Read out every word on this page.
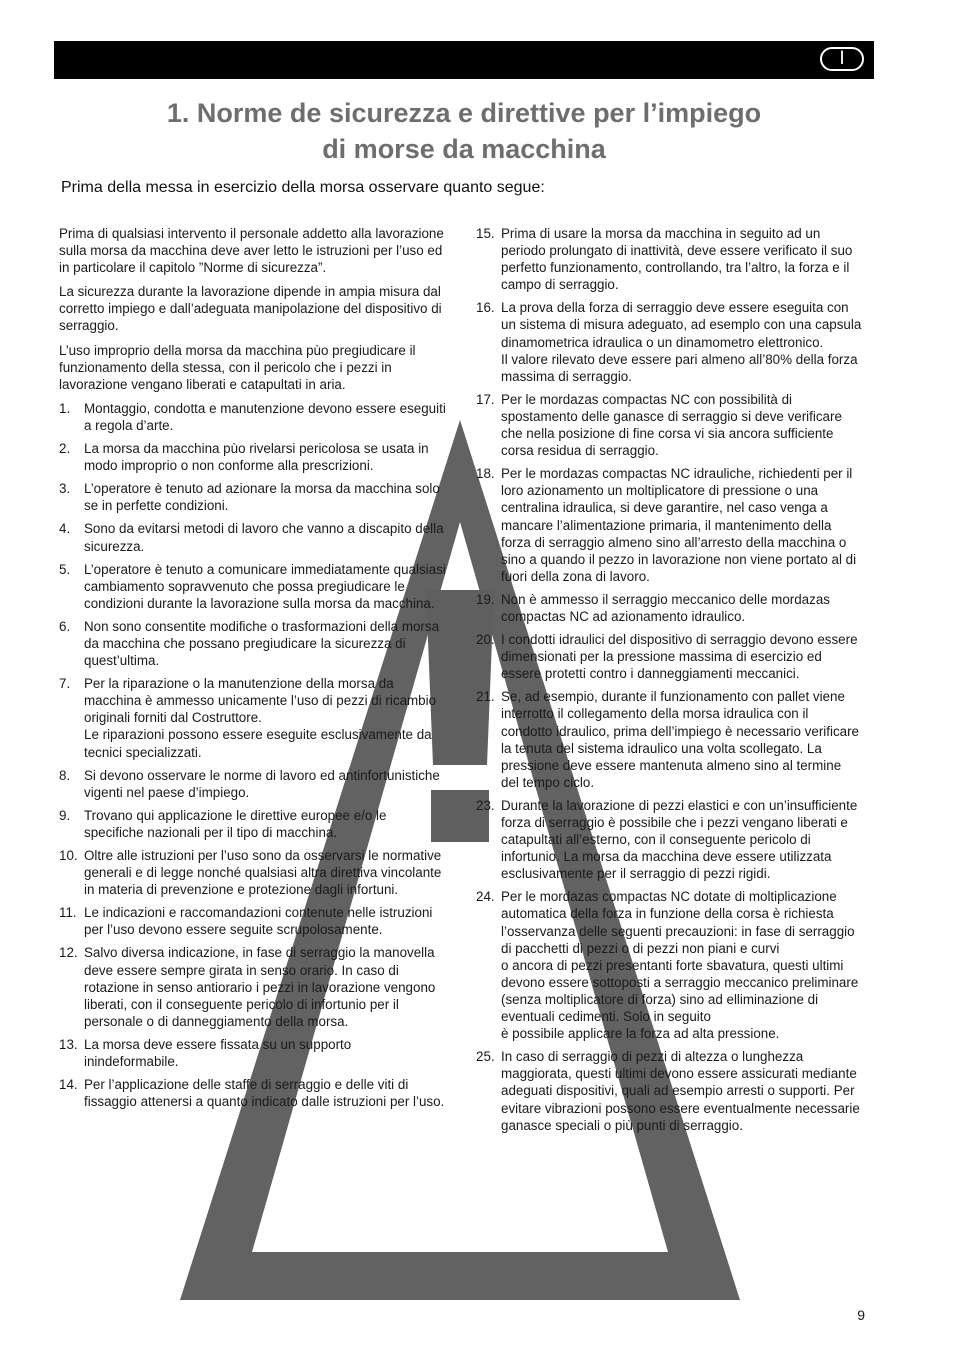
I
1. Norme de sicurezza e direttive per l’impiego
di morse da macchina

Prima della messa in esercizio della morsa osservare quanto segue:

Prima di qualsiasi intervento il personale addetto alla lavorazione sulla morsa da macchina deve aver letto le istruzioni per l’uso ed in particolare il capitolo ”Norme di sicurezza”.

La sicurezza durante la lavorazione dipende in ampia misura dal corretto impiego e dall’adeguata manipolazione del dispositivo di serraggio.

L’uso improprio della morsa da macchina pùo pregiudicare il funzionamento della stessa, con il pericolo che i pezzi in lavorazione vengano liberati e catapultati in aria.

1. Montaggio, condotta e manutenzione devono essere eseguiti a regola d’arte.
2. La morsa da macchina pùo rivelarsi pericolosa se usata in modo improprio o non conforme alla prescrizioni.
3. L’operatore è tenuto ad azionare la morsa da macchina solo se in perfette condizioni.
4. Sono da evitarsi metodi di lavoro che vanno a discapito della sicurezza.
5. L’operatore è tenuto a comunicare immediatamente qualsiasi cambiamento sopravvenuto che possa pregiudicare le condizioni durante la lavorazione sulla morsa da macchina.
6. Non sono consentite modifiche o trasformazioni della morsa da macchina che possano pregiudicare la sicurezza di quest’ultima.
7. Per la riparazione o la manutenzione della morsa da macchina è ammesso unicamente l’uso di pezzi di ricambio originali forniti dal Costruttore.
Le riparazioni possono essere eseguite esclusivamente da tecnici specializzati.
8. Si devono osservare le norme di lavoro ed antinfortunistiche vigenti nel paese d’impiego.
9. Trovano qui applicazione le direttive europee e/o le specifiche nazionali per il tipo di macchina.
10. Oltre alle istruzioni per l’uso sono da osservarsi le normative generali e di legge nonché qualsiasi altra direttiva vincolante in materia di prevenzione e protezione dagli infortuni.
11. Le indicazioni e raccomandazioni contenute nelle istruzioni per l’uso devono essere seguite scrupolosamente.
12. Salvo diversa indicazione, in fase di serraggio la manovella deve essere sempre girata in senso orario. In caso di rotazione in senso antiorario i pezzi in lavorazione vengono liberati, con il conseguente pericolo di infortunio per il personale o di danneggiamento della morsa.
13. La morsa deve essere fissata su un supporto inindeformabile.
14. Per l’applicazione delle staffe di serraggio e delle viti di fissaggio attenersi a quanto indicato dalle istruzioni per l’uso.
15. Prima di usare la morsa da macchina in seguito ad un periodo prolungato di inattività, deve essere verificato il suo perfetto funzionamento, controllando, tra l’altro, la forza e il campo di serraggio.
16. La prova della forza di serraggio deve essere eseguita con un sistema di misura adeguato, ad esemplo con una capsula dinamometrica idraulica o un dinamometro elettronico.
Il valore rilevato deve essere pari almeno all’80% della forza massima di serraggio.
17. Per le mordazas compactas NC con possibilità di spostamento delle ganasce di serraggio si deve verificare che nella posizione di fine corsa vi sia ancora sufficiente corsa residua di serraggio.
18. Per le mordazas compactas NC idrauliche, richiedenti per il loro azionamento un moltiplicatore di pressione o una centralina idraulica, si deve garantire, nel caso venga a mancare l’alimentazione primaria, il mantenimento della forza di serraggio almeno sino all’arresto della macchina o sino a quando il pezzo in lavorazione non viene portato al di fuori della zona di lavoro.
19. Non è ammesso il serraggio meccanico delle mordazas compactas NC ad azionamento idraulico.
20. I condotti idraulici del dispositivo di serraggio devono essere dimensionati per la pressione massima di esercizio ed essere protetti contro i danneggiamenti meccanici.
21. Se, ad esempio, durante il funzionamento con pallet viene interrotto il collegamento della morsa idraulica con il condotto idraulico, prima dell’impiego è necessario verificare la tenuta del sistema idraulico una volta scollegato. La pressione deve essere mantenuta almeno sino al termine del tempo ciclo.
23. Durante la lavorazione di pezzi elastici e con un’insufficiente forza di serraggio è possibile che i pezzi vengano liberati e catapultati all’esterno, con il conseguente pericolo di infortunio. La morsa da macchina deve essere utilizzata esclusivamente per il serraggio di pezzi rigidi.
24. Per le mordazas compactas NC dotate di moltiplicazione
automatica della forza in funzione della corsa è richiesta l’osservanza delle seguenti precauzioni: in fase di serraggio di pacchetti di pezzi o di pezzi non piani e curvi
o ancora di pezzi presentanti forte sbavatura, questi ultimi devono essere sottoposti a serraggio meccanico preliminare (senza moltiplicatore di forza) sino ad elliminazione di eventuali cedimenti. Solo in seguito
è possibile applicare la forza ad alta pressione.
25. In caso di serraggio di pezzi di altezza o lunghezza maggiorata, questi ultimi devono essere assicurati mediante adeguati dispositivi, quali ad esempio arresti o supporti. Per evitare vibrazioni possono essere eventualmente necessarie ganasce speciali o più punti di serraggio.

9
